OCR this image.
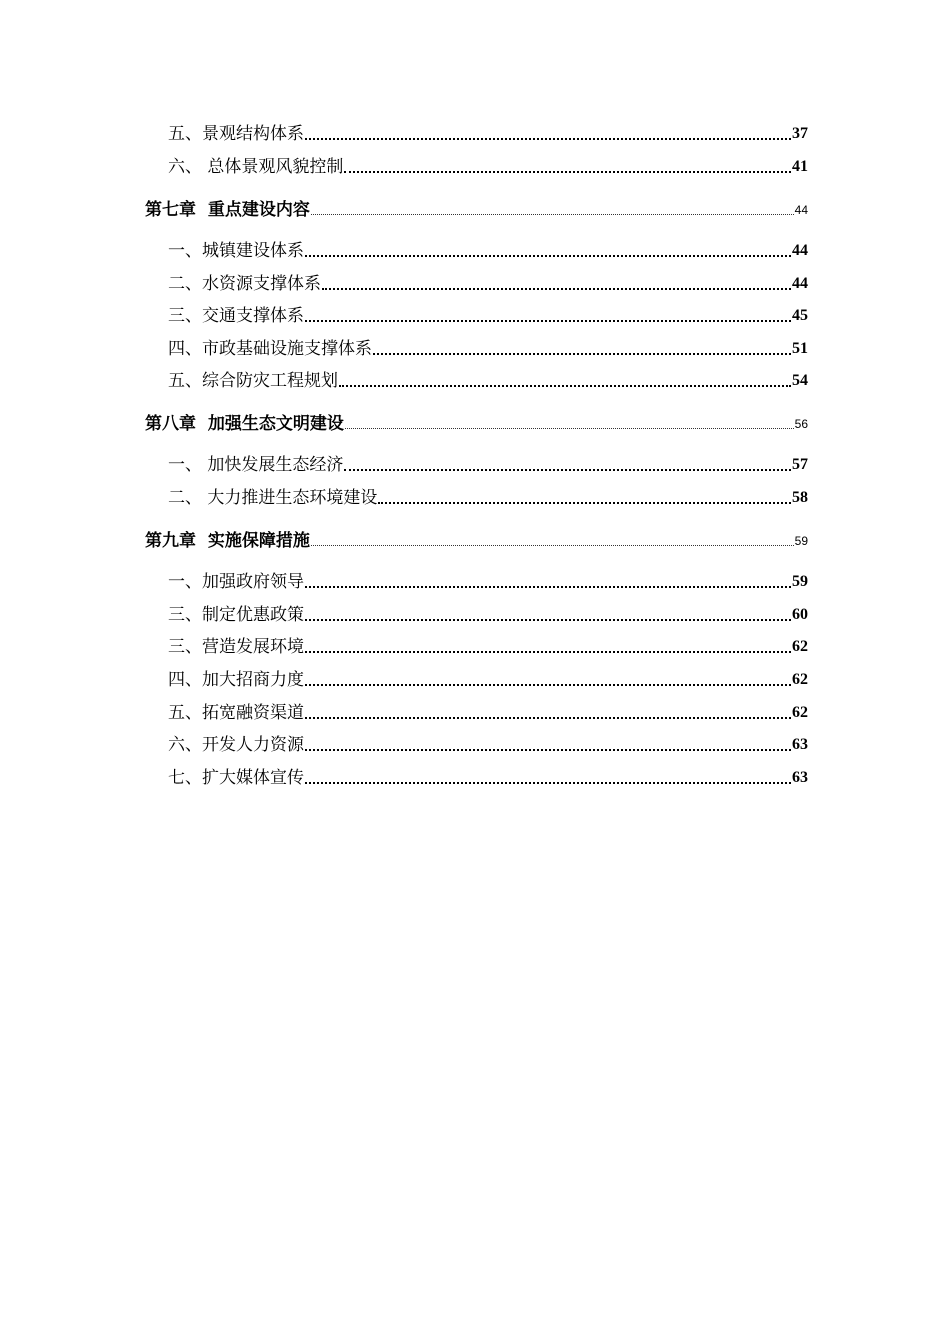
五、景观结构体系	37
六、 总体景观风貌控制	41
第七章  重点建设内容	44
一、城镇建设体系	44
二、水资源支撑体系	44
三、交通支撑体系	45
四、市政基础设施支撑体系	51
五、综合防灾工程规划	54
第八章  加强生态文明建设	56
一、 加快发展生态经济	57
二、 大力推进生态环境建设	58
第九章  实施保障措施	59
一、加强政府领导	59
三、制定优惠政策	60
三、营造发展环境	62
四、加大招商力度	62
五、拓宽融资渠道	62
六、开发人力资源	63
七、扩大媒体宣传	63
